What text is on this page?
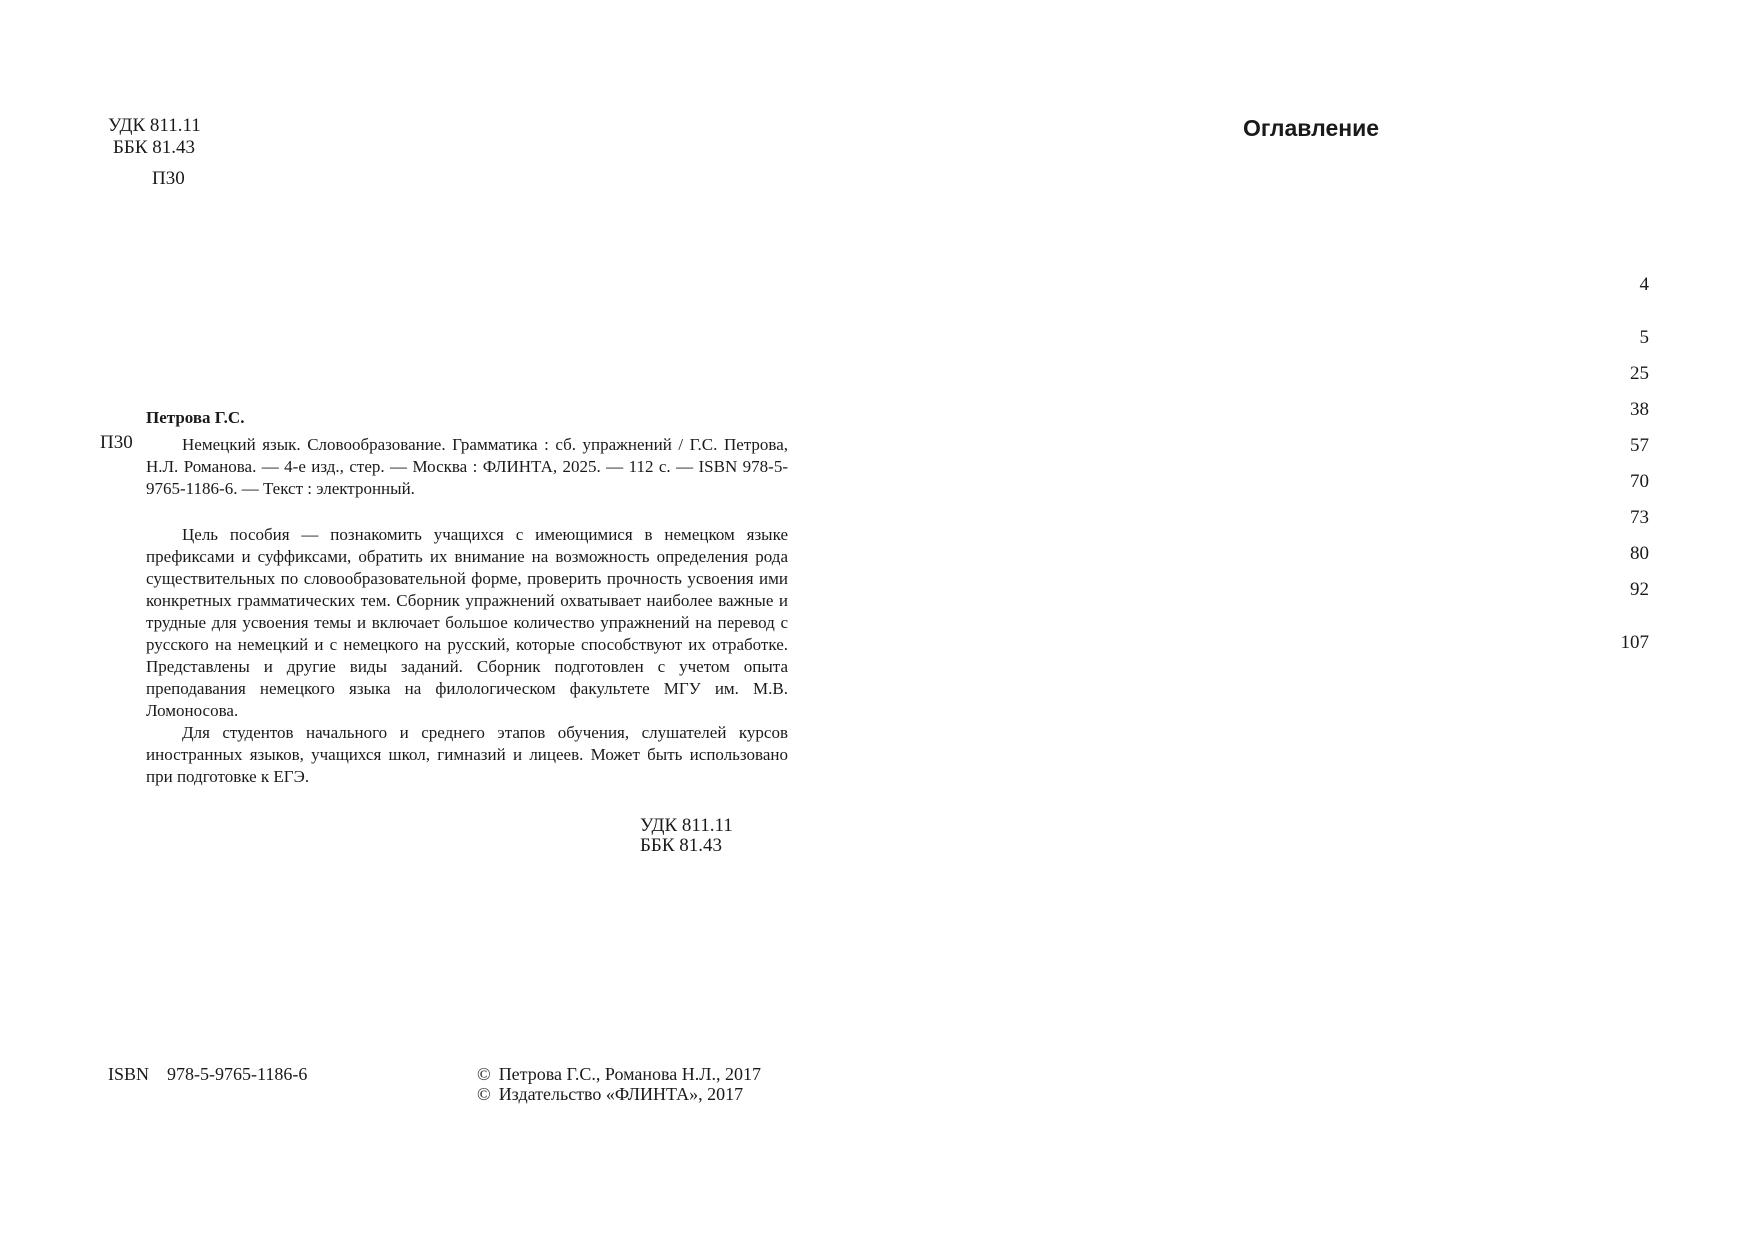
УДК 811.11
ББК 81.43
П30
Петрова Г.С.
П30	Немецкий язык. Словообразование. Грамматика : сб. упражнений / Г.С. Петрова, Н.Л. Романова. — 4-е изд., стер. — Москва : ФЛИНТА, 2025. — 112 с. — ISBN 978-5-9765-1186-6. — Текст : электронный.

Цель пособия — познакомить учащихся с имеющимися в немецком языке префиксами и суффиксами, обратить их внимание на возможность определения рода существительных по словообразовательной форме, проверить прочность усвоения ими конкретных грамматических тем. Сборник упражнений охватывает наиболее важные и трудные для усвоения темы и включает большое количество упражнений на перевод с русского на немецкий и с немецкого на русский, которые способствуют их отработке. Представлены и другие виды заданий. Сборник подготовлен с учетом опыта преподавания немецкого языка на филологическом факультете МГУ им. М.В. Ломоносова.

Для студентов начального и среднего этапов обучения, слушателей курсов иностранных языков, учащихся школ, гимназий и лицеев. Может быть использовано при подготовке к ЕГЭ.

УДК 811.11
ББК 81.43
ISBN 978-5-9765-1186-6	© Петрова Г.С., Романова Н.Л., 2017
© Издательство «ФЛИНТА», 2017
Оглавление
4
5
25
38
57
70
73
80
92
107
